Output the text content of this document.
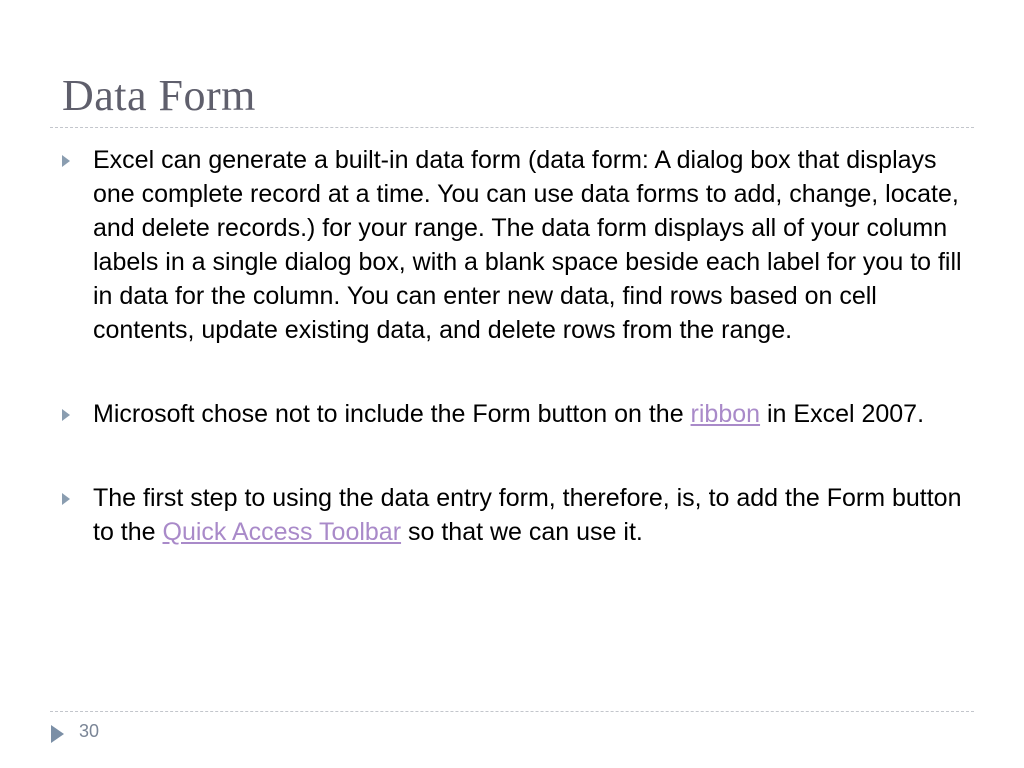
Data Form
Excel can generate a built-in data form (data form: A dialog box that displays one complete record at a time. You can use data forms to add, change, locate, and delete records.) for your range. The data form displays all of your column labels in a single dialog box, with a blank space beside each label for you to fill in data for the column. You can enter new data, find rows based on cell contents, update existing data, and delete rows from the range.
Microsoft chose not to include the Form button on the ribbon in Excel 2007.
The first step to using the data entry form, therefore, is, to add the Form button to the Quick Access Toolbar so that we can use it.
30
